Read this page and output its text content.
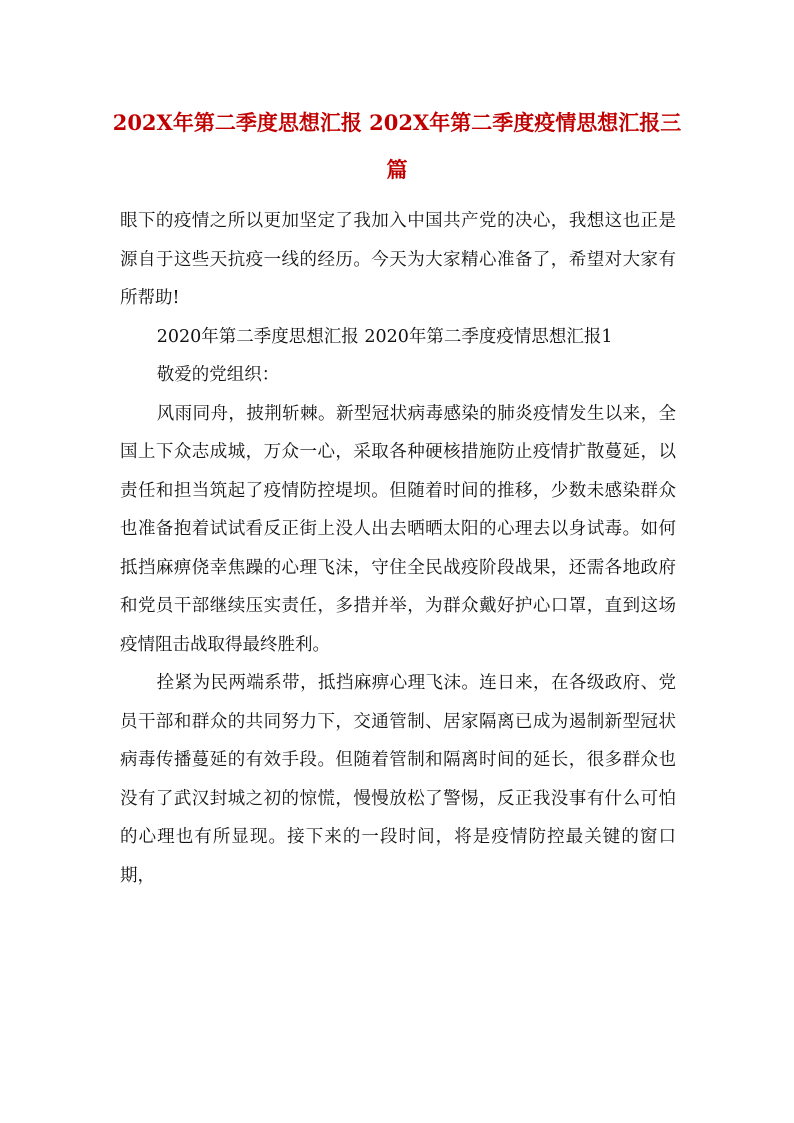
202X年第二季度思想汇报 202X年第二季度疫情思想汇报三篇

眼下的疫情之所以更加坚定了我加入中国共产党的决心，我想这也正是源自于这些天抗疫一线的经历。今天为大家精心准备了，希望对大家有所帮助!

2020年第二季度思想汇报 2020年第二季度疫情思想汇报1

敬爱的党组织：

风雨同舟，披荆斩棘。新型冠状病毒感染的肺炎疫情发生以来，全国上下众志成城，万众一心，采取各种硬核措施防止疫情扩散蔓延，以责任和担当筑起了疫情防控堤坝。但随着时间的推移，少数未感染群众也准备抱着试试看反正街上没人出去晒晒太阳的心理去以身试毒。如何抵挡麻痹侥幸焦躁的心理飞沫，守住全民战疫阶段战果，还需各地政府和党员干部继续压实责任，多措并举，为群众戴好护心口罩，直到这场疫情阻击战取得最终胜利。

拴紧为民两端系带，抵挡麻痹心理飞沫。连日来，在各级政府、党员干部和群众的共同努力下，交通管制、居家隔离已成为遏制新型冠状病毒传播蔓延的有效手段。但随着管制和隔离时间的延长，很多群众也没有了武汉封城之初的惊慌，慢慢放松了警惕，反正我没事有什么可怕的心理也有所显现。接下来的一段时间，将是疫情防控最关键的窗口期，
